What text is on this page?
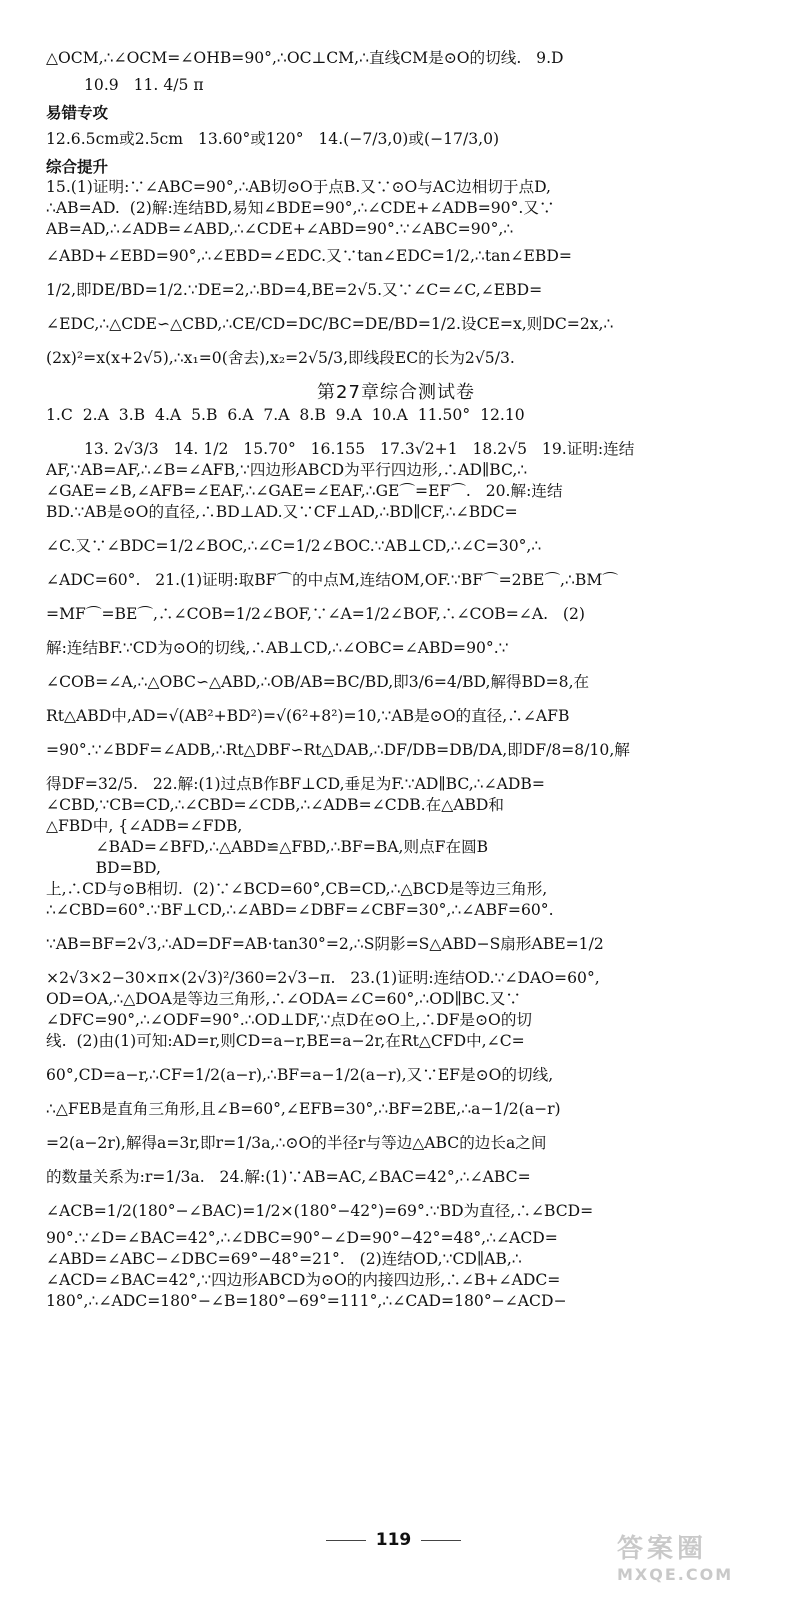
△OCM,∴∠OCM=∠OHB=90°,∴OC⊥CM,∴直线CM是⊙O的切线.   9.D

10.9   11. 4/5 π

易错专攻

12.6.5cm或2.5cm   13.60°或120°   14.(−7/3,0)或(−17/3,0)

综合提升

15.(1)证明:∵∠ABC=90°,∴AB切⊙O于点B.又∵⊙O与AC边相切于点D,

∴AB=AD.  (2)解:连结BD,易知∠BDE=90°,∴∠CDE+∠ADB=90°.又∵

AB=AD,∴∠ADB=∠ABD,∴∠CDE+∠ABD=90°.∵∠ABC=90°,∴

∠ABD+∠EBD=90°,∴∠EBD=∠EDC.又∵tan∠EDC=1/2,∴tan∠EBD=

1/2,即DE/BD=1/2.∵DE=2,∴BD=4,BE=2√5.又∵∠C=∠C,∠EBD=

∠EDC,∴△CDE∽△CBD,∴CE/CD=DC/BC=DE/BD=1/2.设CE=x,则DC=2x,∴

(2x)²=x(x+2√5),∴x₁=0(舍去),x₂=2√5/3,即线段EC的长为2√5/3.

第27章综合测试卷

1.C  2.A  3.B  4.A  5.B  6.A  7.A  8.B  9.A  10.A  11.50°  12.10

13. 2√3/3   14. 1/2   15.70°   16.155   17.3√2+1   18.2√5   19.证明:连结

AF,∵AB=AF,∴∠B=∠AFB,∵四边形ABCD为平行四边形,∴AD∥BC,∴

∠GAE=∠B,∠AFB=∠EAF,∴∠GAE=∠EAF,∴GE⌒=EF⌒.   20.解:连结

BD.∵AB是⊙O的直径,∴BD⊥AD.又∵CF⊥AD,∴BD∥CF,∴∠BDC=

∠C.又∵∠BDC=1/2∠BOC,∴∠C=1/2∠BOC.∵AB⊥CD,∴∠C=30°,∴

∠ADC=60°.   21.(1)证明:取BF⌒的中点M,连结OM,OF.∵BF⌒=2BE⌒,∴BM⌒

=MF⌒=BE⌒,∴∠COB=1/2∠BOF,∵∠A=1/2∠BOF,∴∠COB=∠A.   (2)

解:连结BF.∵CD为⊙O的切线,∴AB⊥CD,∴∠OBC=∠ABD=90°.∵

∠COB=∠A,∴△OBC∽△ABD,∴OB/AB=BC/BD,即3/6=4/BD,解得BD=8,在

Rt△ABD中,AD=√(AB²+BD²)=√(6²+8²)=10,∵AB是⊙O的直径,∴∠AFB

=90°.∵∠BDF=∠ADB,∴Rt△DBF∽Rt△DAB,∴DF/DB=DB/DA,即DF/8=8/10,解

得DF=32/5.   22.解:(1)过点B作BF⊥CD,垂足为F.∵AD∥BC,∴∠ADB=

∠CBD,∵CB=CD,∴∠CBD=∠CDB,∴∠ADB=∠CDB.在△ABD和

△FBD中, {∠ADB=∠FDB,

∠BAD=∠BFD,∴△ABD≌△FBD,∴BF=BA,则点F在圆B

BD=BD,

上,∴CD与⊙B相切.  (2)∵∠BCD=60°,CB=CD,∴△BCD是等边三角形,

∴∠CBD=60°.∵BF⊥CD,∴∠ABD=∠DBF=∠CBF=30°,∴∠ABF=60°.

∵AB=BF=2√3,∴AD=DF=AB·tan30°=2,∴S阴影=S△ABD−S扇形ABE=1/2

×2√3×2−30×π×(2√3)²/360=2√3−π.   23.(1)证明:连结OD.∵∠DAO=60°,

OD=OA,∴△DOA是等边三角形,∴∠ODA=∠C=60°,∴OD∥BC.又∵

∠DFC=90°,∴∠ODF=90°.∴OD⊥DF,∵点D在⊙O上,∴DF是⊙O的切

线.  (2)由(1)可知:AD=r,则CD=a−r,BE=a−2r,在Rt△CFD中,∠C=

60°,CD=a−r,∴CF=1/2(a−r),∴BF=a−1/2(a−r),又∵EF是⊙O的切线,

∴△FEB是直角三角形,且∠B=60°,∠EFB=30°,∴BF=2BE,∴a−1/2(a−r)

=2(a−2r),解得a=3r,即r=1/3a,∴⊙O的半径r与等边△ABC的边长a之间

的数量关系为:r=1/3a.   24.解:(1)∵AB=AC,∠BAC=42°,∴∠ABC=

∠ACB=1/2(180°−∠BAC)=1/2×(180°−42°)=69°.∵BD为直径,∴∠BCD=

90°.∵∠D=∠BAC=42°,∴∠DBC=90°−∠D=90°−42°=48°,∴∠ACD=

∠ABD=∠ABC−∠DBC=69°−48°=21°.   (2)连结OD,∵CD∥AB,∴

∠ACD=∠BAC=42°,∵四边形ABCD为⊙O的内接四边形,∴∠B+∠ADC=

180°,∴∠ADC=180°−∠B=180°−69°=111°,∴∠CAD=180°−∠ACD−

119	答案圈
MXQE.COM
